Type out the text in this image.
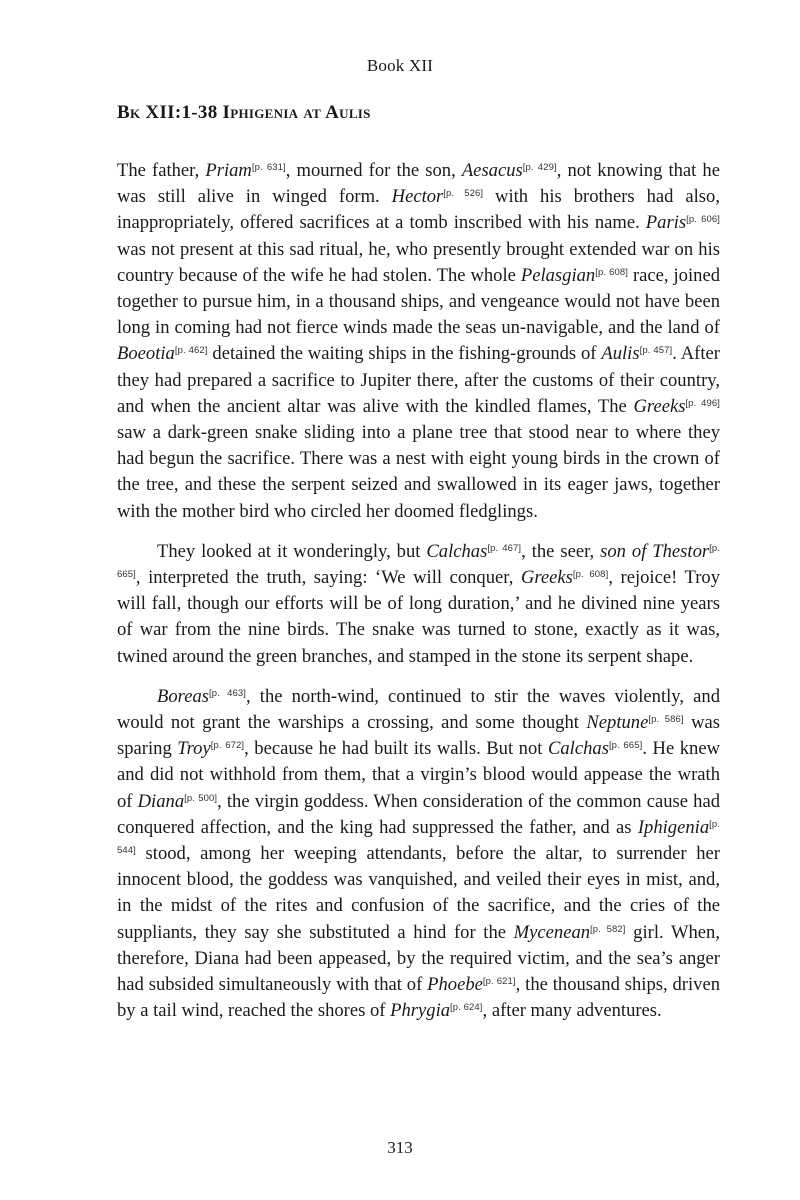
Book XII
Bk XII:1-38 Iphigenia at Aulis

The father, Priam[p. 631], mourned for the son, Aesacus[p. 429], not knowing that he was still alive in winged form. Hector[p. 526] with his brothers had also, inappropriately, offered sacrifices at a tomb inscribed with his name. Paris[p. 606] was not present at this sad ritual, he, who presently brought extended war on his country because of the wife he had stolen. The whole Pelasgian[p. 608] race, joined together to pursue him, in a thousand ships, and vengeance would not have been long in coming had not fierce winds made the seas un-navigable, and the land of Boeotia[p. 462] detained the waiting ships in the fishing-grounds of Aulis[p. 457]. After they had prepared a sacrifice to Jupiter there, after the customs of their country, and when the ancient altar was alive with the kindled flames, The Greeks[p. 496] saw a dark-green snake sliding into a plane tree that stood near to where they had begun the sacrifice. There was a nest with eight young birds in the crown of the tree, and these the serpent seized and swallowed in its eager jaws, together with the mother bird who circled her doomed fledglings.

They looked at it wonderingly, but Calchas[p. 467], the seer, son of Thestor[p. 665], interpreted the truth, saying: ‘We will conquer, Greeks[p. 608], rejoice! Troy will fall, though our efforts will be of long duration,’ and he divined nine years of war from the nine birds. The snake was turned to stone, exactly as it was, twined around the green branches, and stamped in the stone its serpent shape.

Boreas[p. 463], the north-wind, continued to stir the waves violently, and would not grant the warships a crossing, and some thought Neptune[p. 586] was sparing Troy[p. 672], because he had built its walls. But not Calchas[p. 665]. He knew and did not withhold from them, that a virgin’s blood would appease the wrath of Diana[p. 500], the virgin goddess. When consideration of the common cause had conquered affection, and the king had suppressed the father, and as Iphigenia[p. 544] stood, among her weeping attendants, before the altar, to surrender her innocent blood, the goddess was vanquished, and veiled their eyes in mist, and, in the midst of the rites and confusion of the sacrifice, and the cries of the suppliants, they say she substituted a hind for the Mycenean[p. 582] girl. When, therefore, Diana had been appeased, by the required victim, and the sea’s anger had subsided simultaneously with that of Phoebe[p. 621], the thousand ships, driven by a tail wind, reached the shores of Phrygia[p. 624], after many adventures.

313
